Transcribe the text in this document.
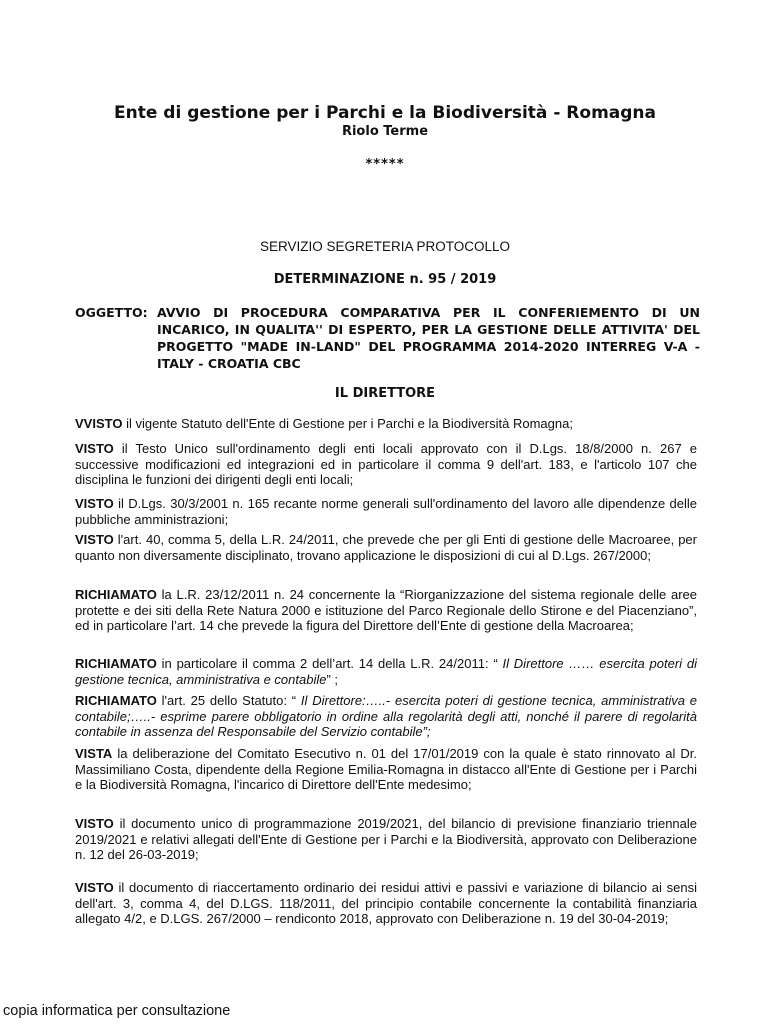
Ente di gestione per i Parchi e la Biodiversità - Romagna
Riolo Terme
*****
SERVIZIO SEGRETERIA PROTOCOLLO
DETERMINAZIONE n. 95 / 2019
OGGETTO: AVVIO DI PROCEDURA COMPARATIVA PER IL CONFERIEMENTO DI UN INCARICO, IN QUALITA'' DI ESPERTO, PER LA GESTIONE DELLE ATTIVITA' DEL PROGETTO "MADE IN-LAND" DEL PROGRAMMA 2014-2020 INTERREG V-A - ITALY - CROATIA CBC
IL DIRETTORE
VVISTO il vigente Statuto dell'Ente di Gestione per i Parchi e la Biodiversità Romagna;
VISTO il Testo Unico sull'ordinamento degli enti locali approvato con il D.Lgs. 18/8/2000 n. 267 e successive modificazioni ed integrazioni ed in particolare il comma 9 dell'art. 183, e l'articolo 107 che disciplina le funzioni dei dirigenti degli enti locali;
VISTO il D.Lgs. 30/3/2001 n. 165 recante norme generali sull'ordinamento del lavoro alle dipendenze delle pubbliche amministrazioni;
VISTO l'art. 40, comma 5, della L.R. 24/2011, che prevede che per gli Enti di gestione delle Macroaree, per quanto non diversamente disciplinato, trovano applicazione le disposizioni di cui al D.Lgs. 267/2000;
RICHIAMATO la L.R. 23/12/2011 n. 24 concernente la “Riorganizzazione del sistema regionale delle aree protette e dei siti della Rete Natura 2000 e istituzione del Parco Regionale dello Stirone e del Piacenziano”, ed in particolare l’art. 14 che prevede la figura del Direttore dell’Ente di gestione della Macroarea;
RICHIAMATO in particolare il comma 2 dell’art. 14 della L.R. 24/2011: “ Il Direttore …… esercita poteri di gestione tecnica, amministrativa e contabile” ;
RICHIAMATO l'art. 25 dello Statuto: “ Il Direttore:…..- esercita poteri di gestione tecnica, amministrativa e contabile;…..- esprime parere obbligatorio in ordine alla regolarità degli atti, nonché il parere di regolarità contabile in assenza del Responsabile del Servizio contabile”;
VISTA la deliberazione del Comitato Esecutivo n. 01 del 17/01/2019 con la quale è stato rinnovato al Dr. Massimiliano Costa, dipendente della Regione Emilia-Romagna in distacco all'Ente di Gestione per i Parchi e la Biodiversità Romagna, l'incarico di Direttore dell'Ente medesimo;
VISTO il documento unico di programmazione 2019/2021, del bilancio di previsione finanziario triennale 2019/2021 e relativi allegati dell'Ente di Gestione per i Parchi e la Biodiversità, approvato con Deliberazione n. 12 del 26-03-2019;
VISTO il documento di riaccertamento ordinario dei residui attivi e passivi e variazione di bilancio ai sensi dell'art. 3, comma 4, del D.LGS. 118/2011, del principio contabile concernente la contabilità finanziaria allegato 4/2, e D.LGS. 267/2000 – rendiconto 2018, approvato con Deliberazione n. 19 del 30-04-2019;
copia informatica per consultazione
